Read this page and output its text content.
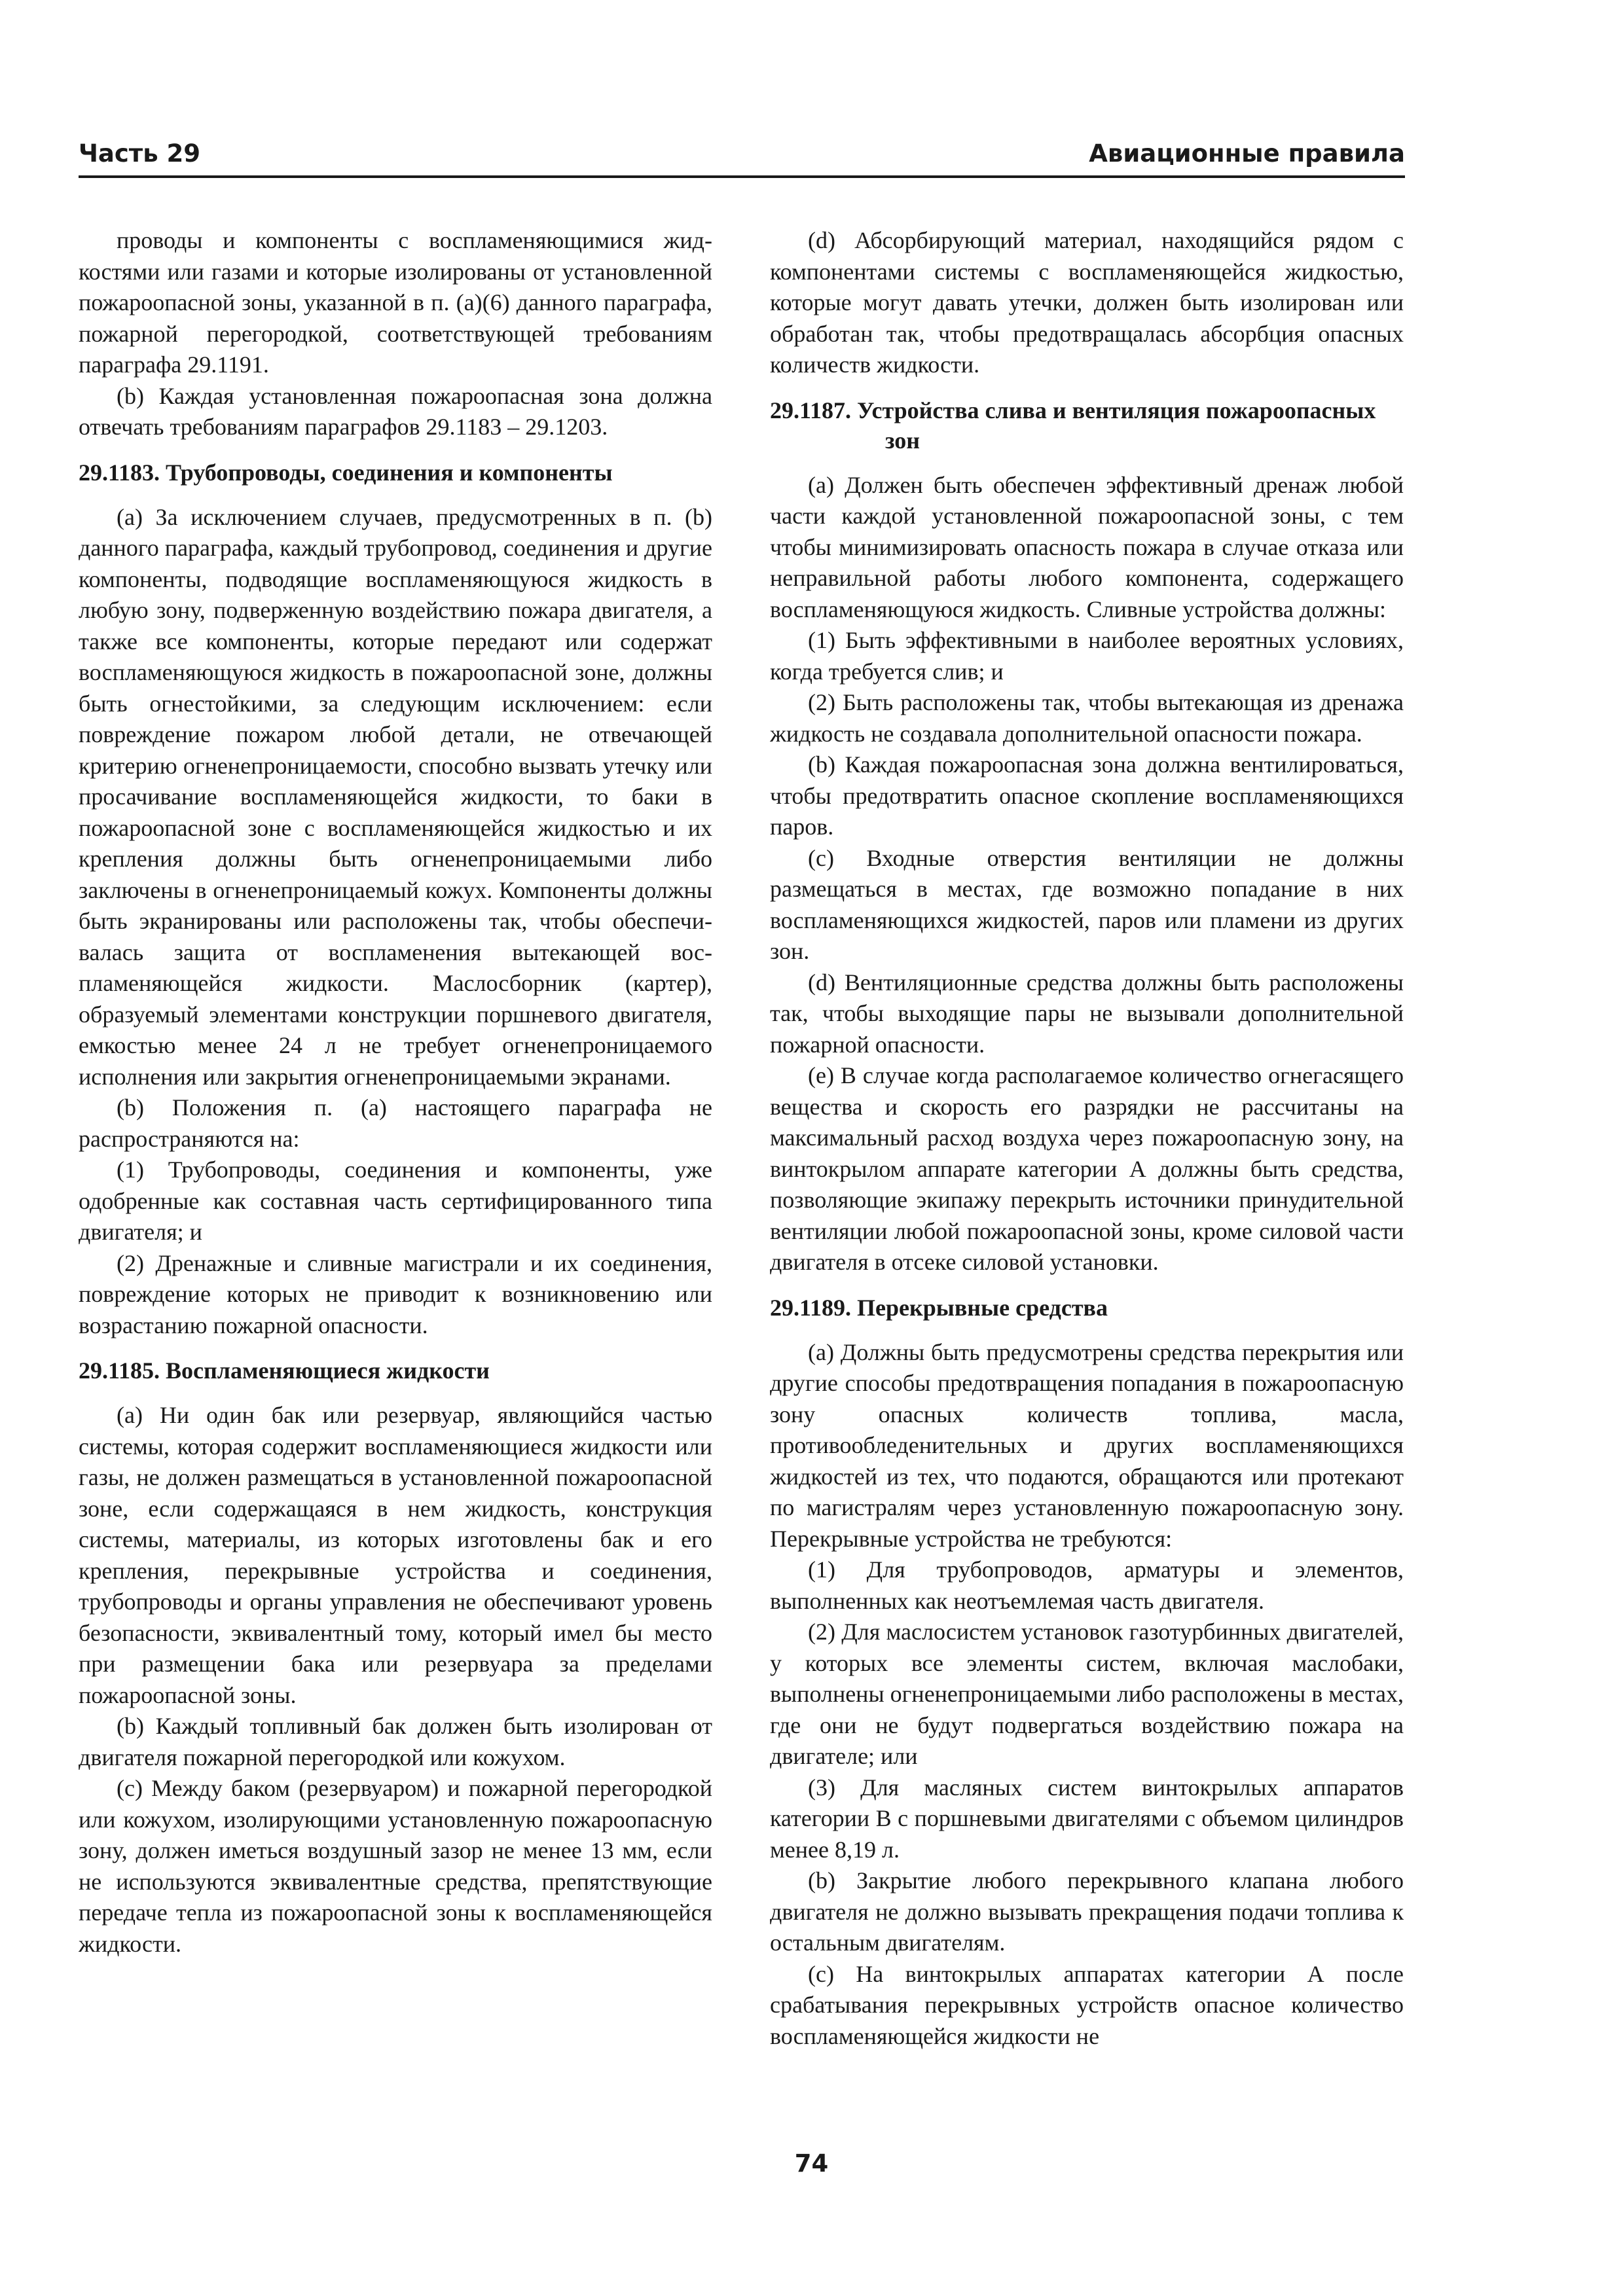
Часть 29	Авиационные правила

проводы и компоненты с воспламеняющимися жидкостями или газами и которые изолированы от установленной пожароопасной зоны, указанной в п. (а)(6) данного параграфа, пожарной перегородкой, соответствующей требованиям параграфа 29.1191.

(b) Каждая установленная пожароопасная зона должна отвечать требованиям параграфов 29.1183 – 29.1203.

29.1183. Трубопроводы, соединения и компоненты

(a) За исключением случаев, предусмотренных в п. (b) данного параграфа, каждый трубопровод, соединения и другие компоненты, подводящие воспламеняющуюся жидкость в любую зону, подверженную воздействию пожара двигателя, а также все компоненты, которые передают или содержат воспламеняющуюся жидкость в пожароопасной зоне, должны быть огнестойкими, за следующим исключением: если повреждение пожаром любой детали, не отвечающей критерию огненепроницаемости, способно вызвать утечку или просачивание воспламеняющейся жидкости, то баки в пожароопасной зоне с воспламеняющейся жидкостью и их крепления должны быть огненепроницаемыми либо заключены в огненепроницаемый кожух. Компоненты должны быть экранированы или расположены так, чтобы обеспечивалась защита от воспламенения вытекающей воспламеняющейся жидкости. Маслосборник (картер), образуемый элементами конструкции поршневого двигателя, емкостью менее 24 л не требует огненепроницаемого исполнения или закрытия огненепроницаемыми экранами.

(b) Положения п. (а) настоящего параграфа не распространяются на:

(1) Трубопроводы, соединения и компоненты, уже одобренные как составная часть сертифицированного типа двигателя; и

(2) Дренажные и сливные магистрали и их соединения, повреждение которых не приводит к возникновению или возрастанию пожарной опасности.

29.1185. Воспламеняющиеся жидкости

(a) Ни один бак или резервуар, являющийся частью системы, которая содержит воспламеняющиеся жидкости или газы, не должен размещаться в установленной пожароопасной зоне, если содержащаяся в нем жидкость, конструкция системы, материалы, из которых изготовлены бак и его крепления, перекрывные устройства и соединения, трубопроводы и органы управления не обеспечивают уровень безопасности, эквивалентный тому, который имел бы место при размещении бака или резервуара за пределами пожароопасной зоны.

(b) Каждый топливный бак должен быть изолирован от двигателя пожарной перегородкой или кожухом.

(c) Между баком (резервуаром) и пожарной перегородкой или кожухом, изолирующими установленную пожароопасную зону, должен иметься воздушный зазор не менее 13 мм, если не используются эквивалентные средства, препятствующие передаче тепла из пожароопасной зоны к воспламеняющейся жидкости.

(d) Абсорбирующий материал, находящийся рядом с компонентами системы с воспламеняющейся жидкостью, которые могут давать утечки, должен быть изолирован или обработан так, чтобы предотвращалась абсорбция опасных количеств жидкости.

29.1187. Устройства слива и вентиляция пожароопасных зон

(a) Должен быть обеспечен эффективный дренаж любой части каждой установленной пожароопасной зоны, с тем чтобы минимизировать опасность пожара в случае отказа или неправильной работы любого компонента, содержащего воспламеняющуюся жидкость. Сливные устройства должны:

(1) Быть эффективными в наиболее вероятных условиях, когда требуется слив; и

(2) Быть расположены так, чтобы вытекающая из дренажа жидкость не создавала дополнительной опасности пожара.

(b) Каждая пожароопасная зона должна вентилироваться, чтобы предотвратить опасное скопление воспламеняющихся паров.

(c) Входные отверстия вентиляции не должны размещаться в местах, где возможно попадание в них воспламеняющихся жидкостей, паров или пламени из других зон.

(d) Вентиляционные средства должны быть расположены так, чтобы выходящие пары не вызывали дополнительной пожарной опасности.

(e) В случае когда располагаемое количество огнегасящего вещества и скорость его разрядки не рассчитаны на максимальный расход воздуха через пожароопасную зону, на винтокрылом аппарате категории А должны быть средства, позволяющие экипажу перекрыть источники принудительной вентиляции любой пожароопасной зоны, кроме силовой части двигателя в отсеке силовой установки.

29.1189. Перекрывные средства

(a) Должны быть предусмотрены средства перекрытия или другие способы предотвращения попадания в пожароопасную зону опасных количеств топлива, масла, противообледенительных и других воспламеняющихся жидкостей из тех, что подаются, обращаются или протекают по магистралям через установленную пожароопасную зону. Перекрывные устройства не требуются:

(1) Для трубопроводов, арматуры и элементов, выполненных как неотъемлемая часть двигателя.

(2) Для маслосистем установок газотурбинных двигателей, у которых все элементы систем, включая маслобаки, выполнены огненепроницаемыми либо расположены в местах, где они не будут подвергаться воздействию пожара на двигателе; или

(3) Для масляных систем винтокрылых аппаратов категории В с поршневыми двигателями с объемом цилиндров менее 8,19 л.

(b) Закрытие любого перекрывного клапана любого двигателя не должно вызывать прекращения подачи топлива к остальным двигателям.

(c) На винтокрылых аппаратах категории А после срабатывания перекрывных устройств опасное количество воспламеняющейся жидкости не

74
